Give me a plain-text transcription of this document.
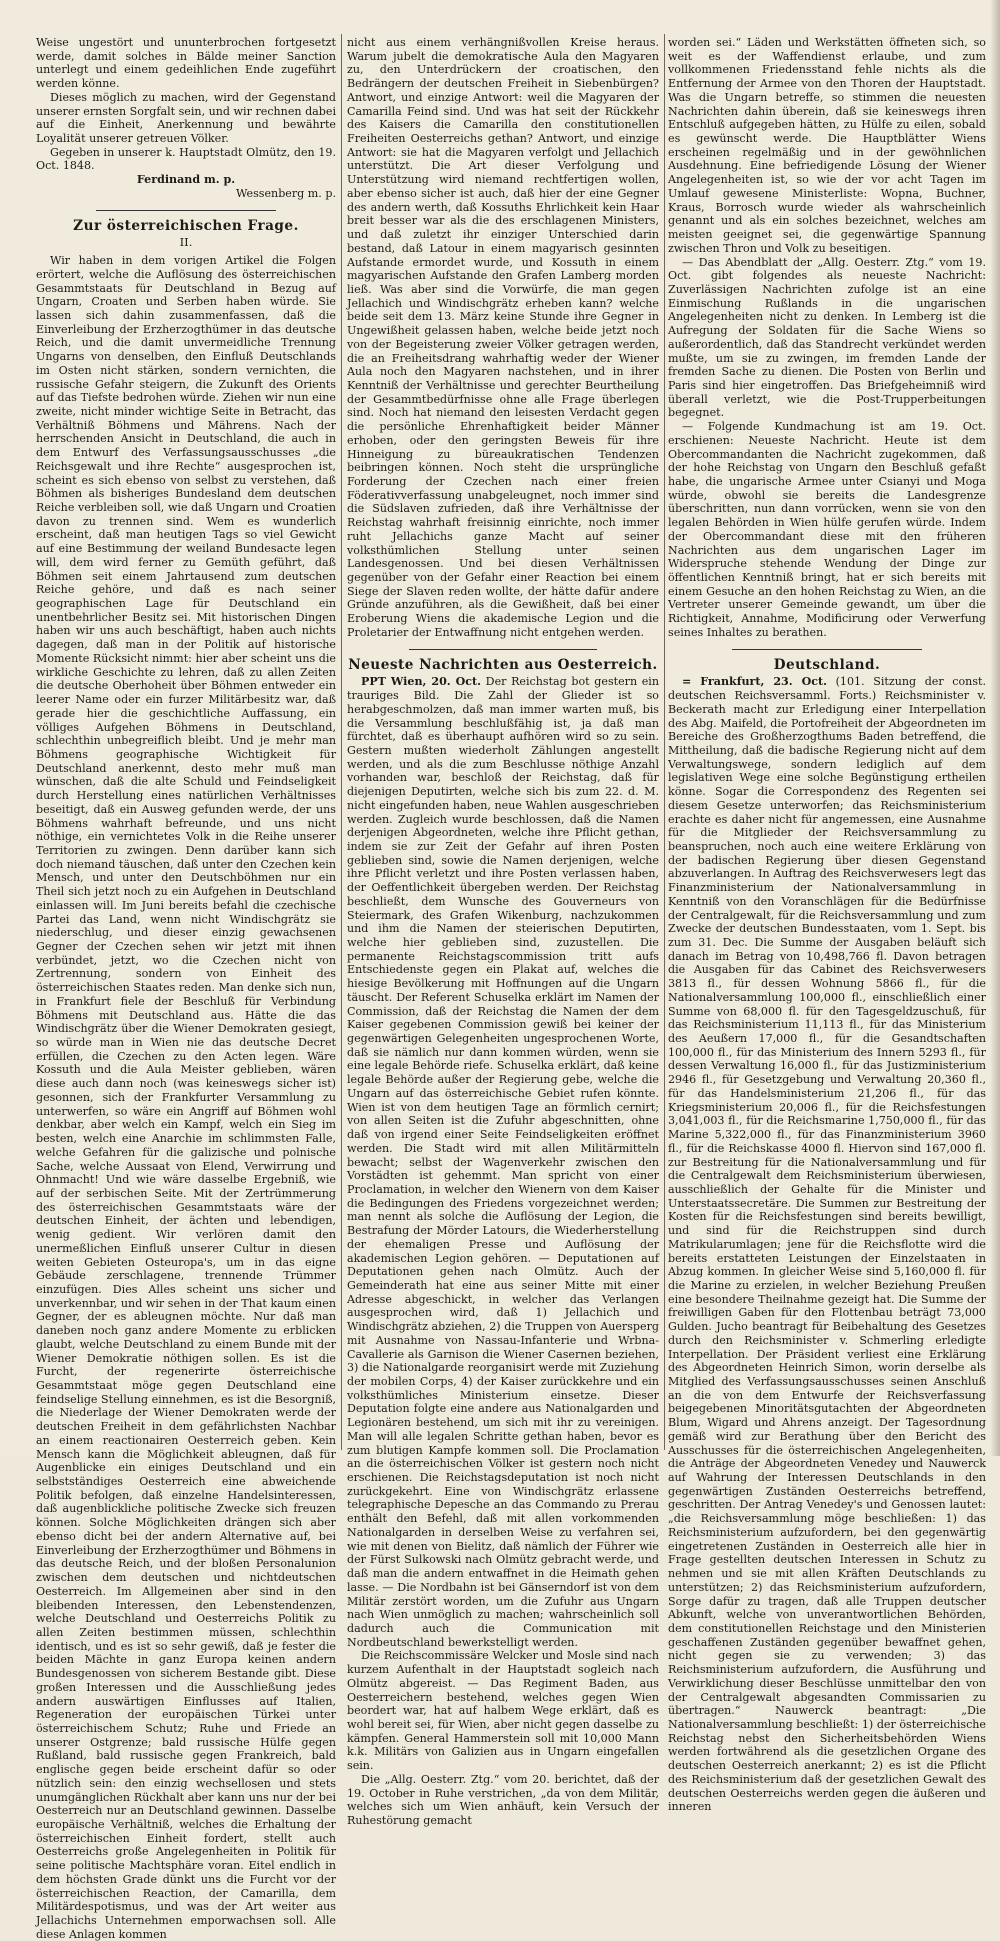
Weise ungestört und ununterbrochen fortgesetzt werde, damit solches in Bälde meiner Sanction unterlegt und einem gedeihlichen Ende zugeführt werden könne.

Dieses möglich zu machen, wird der Gegenstand unserer ernsten Sorgfalt sein, und wir rechnen dabei auf die Einheit, Anerkennung und bewährte Loyalität unserer getreuen Völker.

Gegeben in unserer k. Hauptstadt Olmütz, den 19. Oct. 1848.

Ferdinand m. p.

Wessenberg m. p.

Zur österreichischen Frage.
II.

Wir haben in dem vorigen Artikel die Folgen erörtert, welche die Auflösung des österreichischen Gesammtstaats für Deutschland in Bezug auf Ungarn, Croaten und Serben haben würde. Sie lassen sich dahin zusammenfassen, daß die Einverleibung der Erzherzogthümer in das deutsche Reich, und die damit unvermeidliche Trennung Ungarns von denselben, den Einfluß Deutschlands im Osten nicht stärken, sondern vernichten, die russische Gefahr steigern, die Zukunft des Orients auf das Tiefste bedrohen würde. Ziehen wir nun eine zweite, nicht minder wichtige Seite in Betracht, das Verhältniß Böhmens und Mährens. Nach der herrschenden Ansicht in Deutschland, die auch in dem Entwurf des Verfassungsausschusses „die Reichsgewalt und ihre Rechte“ ausgesprochen ist, scheint es sich ebenso von selbst zu verstehen, daß Böhmen als bisheriges Bundesland dem deutschen Reiche verbleiben soll, wie daß Ungarn und Croatien davon zu trennen sind. Wem es wunderlich erscheint, daß man heutigen Tags so viel Gewicht auf eine Bestimmung der weiland Bundesacte legen will, dem wird ferner zu Gemüth geführt, daß Böhmen seit einem Jahrtausend zum deutschen Reiche gehöre, und daß es nach seiner geographischen Lage für Deutschland ein unentbehrlicher Besitz sei. Mit historischen Dingen haben wir uns auch beschäftigt, haben auch nichts dagegen, daß man in der Politik auf historische Momente Rücksicht nimmt: hier aber scheint uns die wirkliche Geschichte zu lehren, daß zu allen Zeiten die deutsche Oberhoheit über Böhmen entweder ein leerer Name oder ein furzer Militärbesitz war, daß gerade hier die geschichtliche Auffassung, ein völliges Aufgehen Böhmens in Deutschland, schlechthin unbegreiflich bleibt. Und je mehr man Böhmens geographische Wichtigkeit für Deutschland anerkennt, desto mehr muß man wünschen, daß die alte Schuld und Feindseligkeit durch Herstellung eines natürlichen Verhältnisses beseitigt, daß ein Ausweg gefunden werde, der uns Böhmens wahrhaft befreunde, und uns nicht nöthige, ein vernichtetes Volk in die Reihe unserer Territorien zu zwingen. Denn darüber kann sich doch niemand täuschen, daß unter den Czechen kein Mensch, und unter den Deutschböhmen nur ein Theil sich jetzt noch zu ein Aufgehen in Deutschland einlassen will. Im Juni bereits befahl die czechische Partei das Land, wenn nicht Windischgrätz sie niederschlug, und dieser einzig gewachsenen Gegner der Czechen sehen wir jetzt mit ihnen verbündet, jetzt, wo die Czechen nicht von Zertrennung, sondern von Einheit des österreichischen Staates reden. Man denke sich nun, in Frankfurt fiele der Beschluß für Verbindung Böhmens mit Deutschland aus. Hätte die das Windischgrätz über die Wiener Demokraten gesiegt, so würde man in Wien nie das deutsche Decret erfüllen, die Czechen zu den Acten legen. Wäre Kossuth und die Aula Meister geblieben, wären diese auch dann noch (was keineswegs sicher ist) gesonnen, sich der Frankfurter Versammlung zu unterwerfen, so wäre ein Angriff auf Böhmen wohl denkbar, aber welch ein Kampf, welch ein Sieg im besten, welch eine Anarchie im schlimmsten Falle, welche Gefahren für die galizische und polnische Sache, welche Aussaat von Elend, Verwirrung und Ohnmacht! Und wie wäre dasselbe Ergebniß, wie auf der serbischen Seite. Mit der Zertrümmerung des österreichischen Gesammtstaats wäre der deutschen Einheit, der ächten und lebendigen, wenig gedient. Wir verlören damit den unermeßlichen Einfluß unserer Cultur in diesen weiten Gebieten Osteuropa's, um in das eigne Gebäude zerschlagene, trennende Trümmer einzufügen. Dies Alles scheint uns sicher und unverkennbar, und wir sehen in der That kaum einen Gegner, der es ableugnen möchte. Nur daß man daneben noch ganz andere Momente zu erblicken glaubt, welche Deutschland zu einem Bunde mit der Wiener Demokratie nöthigen sollen. Es ist die Furcht, der regenerirte österreichische Gesammtstaat möge gegen Deutschland eine feindselige Stellung einnehmen, es ist die Besorgniß, die Niederlage der Wiener Demokraten werde der deutschen Freiheit in dem gefährlichsten Nachbar an einem reactionairen Oesterreich geben. Kein Mensch kann die Möglichkeit ableugnen, daß für Augenblicke ein einiges Deutschland und ein selbstständiges Oesterreich eine abweichende Politik befolgen, daß einzelne Handelsinteressen, daß augenblickliche politische Zwecke sich freuzen können. Solche Möglichkeiten drängen sich aber ebenso dicht bei der andern Alternative auf, bei Einverleibung der Erzherzogthümer und Böhmens in das deutsche Reich, und der bloßen Personalunion zwischen dem deutschen und nichtdeutschen Oesterreich. Im Allgemeinen aber sind in den bleibenden Interessen, den Lebenstendenzen, welche Deutschland und Oesterreichs Politik zu allen Zeiten bestimmen müssen, schlechthin identisch, und es ist so sehr gewiß, daß je fester die beiden Mächte in ganz Europa keinen andern Bundesgenossen von sicherem Bestande gibt. Diese großen Interessen und die Ausschließung jedes andern auswärtigen Einflusses auf Italien, Regeneration der europäischen Türkei unter österreichischem Schutz; Ruhe und Friede an unserer Ostgrenze; bald russische Hülfe gegen Rußland, bald russische gegen Frankreich, bald englische gegen beide erscheint dafür so oder nützlich sein: den einzig wechsellosen und stets unumgänglichen Rückhalt aber kann uns nur der bei Oesterreich nur an Deutschland gewinnen. Dasselbe europäische Verhältniß, welches die Erhaltung der österreichischen Einheit fordert, stellt auch Oesterreichs große Angelegenheiten in Politik für seine politische Machtsphäre voran. Eitel endlich in dem höchsten Grade dünkt uns die Furcht vor der österreichischen Reaction, der Camarilla, dem Militärdespotismus, und was der Art weiter aus Jellachichs Unternehmen emporwachsen soll. Alle diese Anlagen kommen

nicht aus einem verhängnißvollen Kreise heraus. Warum jubelt die demokratische Aula den Magyaren zu, den Unterdrückern der croatischen, den Bedrängern der deutschen Freiheit in Siebenbürgen? Antwort, und einzige Antwort: weil die Magyaren der Camarilla Feind sind. Und was hat seit der Rückkehr des Kaisers die Camarilla den constitutionellen Freiheiten Oesterreichs gethan? Antwort, und einzige Antwort: sie hat die Magyaren verfolgt und Jellachich unterstützt. Die Art dieser Verfolgung und Unterstützung wird niemand rechtfertigen wollen, aber ebenso sicher ist auch, daß hier der eine Gegner des andern werth, daß Kossuths Ehrlichkeit kein Haar breit besser war als die des erschlagenen Ministers, und daß zuletzt ihr einziger Unterschied darin bestand, daß Latour in einem magyarisch gesinnten Aufstande ermordet wurde, und Kossuth in einem magyarischen Aufstande den Grafen Lamberg morden ließ. Was aber sind die Vorwürfe, die man gegen Jellachich und Windischgrätz erheben kann? welche beide seit dem 13. März keine Stunde ihre Gegner in Ungewißheit gelassen haben, welche beide jetzt noch von der Begeisterung zweier Völker getragen werden, die an Freiheitsdrang wahrhaftig weder der Wiener Aula noch den Magyaren nachstehen, und in ihrer Kenntniß der Verhältnisse und gerechter Beurtheilung der Gesammtbedürfnisse ohne alle Frage überlegen sind. Noch hat niemand den leisesten Verdacht gegen die persönliche Ehrenhaftigkeit beider Männer erhoben, oder den geringsten Beweis für ihre Hinneigung zu büreaukratischen Tendenzen beibringen können. Noch steht die ursprüngliche Forderung der Czechen nach einer freien Föderativverfassung unabgeleugnet, noch immer sind die Südslaven zufrieden, daß ihre Verhältnisse der Reichstag wahrhaft freisinnig einrichte, noch immer ruht Jellachichs ganze Macht auf seiner volksthümlichen Stellung unter seinen Landesgenossen. Und bei diesen Verhältnissen gegenüber von der Gefahr einer Reaction bei einem Siege der Slaven reden wollte, der hätte dafür andere Gründe anzuführen, als die Gewißheit, daß bei einer Eroberung Wiens die akademische Legion und die Proletarier der Entwaffnung nicht entgehen werden.

Neueste Nachrichten aus Oesterreich.

PPT Wien, 20. Oct. Der Reichstag bot gestern ein trauriges Bild. Die Zahl der Glieder ist so herabgeschmolzen, daß man immer warten muß, bis die Versammlung beschlußfähig ist, ja daß man fürchtet, daß es überhaupt aufhören wird so zu sein. Gestern mußten wiederholt Zählungen angestellt werden, und als die zum Beschlusse nöthige Anzahl vorhanden war, beschloß der Reichstag, daß für diejenigen Deputirten, welche sich bis zum 22. d. M. nicht eingefunden haben, neue Wahlen ausgeschrieben werden. Zugleich wurde beschlossen, daß die Namen derjenigen Abgeordneten, welche ihre Pflicht gethan, indem sie zur Zeit der Gefahr auf ihren Posten geblieben sind, sowie die Namen derjenigen, welche ihre Pflicht verletzt und ihre Posten verlassen haben, der Oeffentlichkeit übergeben werden. Der Reichstag beschließt, dem Wunsche des Gouverneurs von Steiermark, des Grafen Wikenburg, nachzukommen und ihm die Namen der steierischen Deputirten, welche hier geblieben sind, zuzustellen. Die permanente Reichstagscommission tritt aufs Entschiedenste gegen ein Plakat auf, welches die hiesige Bevölkerung mit Hoffnungen auf die Ungarn täuscht. Der Referent Schuselka erklärt im Namen der Commission, daß der Reichstag die Namen der dem Kaiser gegebenen Commission gewiß bei keiner der gegenwärtigen Gelegenheiten ungesprochenen Worte, daß sie nämlich nur dann kommen würden, wenn sie eine legale Behörde riefe. Schuselka erklärt, daß keine legale Behörde außer der Regierung gebe, welche die Ungarn auf das österreichische Gebiet rufen könnte. Wien ist von dem heutigen Tage an förmlich cernirt; von allen Seiten ist die Zufuhr abgeschnitten, ohne daß von irgend einer Seite Feindseligkeiten eröffnet werden. Die Stadt wird mit allen Militärmitteln bewacht; selbst der Wagenverkehr zwischen den Vorstädten ist gehemmt. Man spricht von einer Proclamation, in welcher den Wienern von dem Kaiser die Bedingungen des Friedens vorgezeichnet werden; man nennt als solche die Auflösung der Legion, die Bestrafung der Mörder Latours, die Wiederherstellung der ehemaligen Presse und Auflösung der akademischen Legion gehören. — Deputationen auf Deputationen gehen nach Olmütz. Auch der Gemeinderath hat eine aus seiner Mitte mit einer Adresse abgeschickt, in welcher das Verlangen ausgesprochen wird, daß 1) Jellachich und Windischgrätz abziehen, 2) die Truppen von Auersperg mit Ausnahme von Nassau-Infanterie und Wrbna-Cavallerie als Garnison die Wiener Casernen beziehen, 3) die Nationalgarde reorganisirt werde mit Zuziehung der mobilen Corps, 4) der Kaiser zurückkehre und ein volksthümliches Ministerium einsetze. Dieser Deputation folgte eine andere aus Nationalgarden und Legionären bestehend, um sich mit ihr zu vereinigen. Man will alle legalen Schritte gethan haben, bevor es zum blutigen Kampfe kommen soll. Die Proclamation an die österreichischen Völker ist gestern noch nicht erschienen. Die Reichstagsdeputation ist noch nicht zurückgekehrt. Eine von Windischgrätz erlassene telegraphische Depesche an das Commando zu Prerau enthält den Befehl, daß mit allen vorkommenden Nationalgarden in derselben Weise zu verfahren sei, wie mit denen von Bielitz, daß nämlich der Führer wie der Fürst Sulkowski nach Olmütz gebracht werde, und daß man die andern entwaffnet in die Heimath gehen lasse. — Die Nordbahn ist bei Gänserndorf ist von dem Militär zerstört worden, um die Zufuhr aus Ungarn nach Wien unmöglich zu machen; wahrscheinlich soll dadurch auch die Communication mit Nordbeutschland bewerkstelligt werden.

Die Reichscommissäre Welcker und Mosle sind nach kurzem Aufenthalt in der Hauptstadt sogleich nach Olmütz abgereist. — Das Regiment Baden, aus Oesterreichern bestehend, welches gegen Wien beordert war, hat auf halbem Wege erklärt, daß es wohl bereit sei, für Wien, aber nicht gegen dasselbe zu kämpfen. General Hammerstein soll mit 10,000 Mann k.k. Militärs von Galizien aus in Ungarn eingefallen sein.

Die „Allg. Oesterr. Ztg.“ vom 20. berichtet, daß der 19. October in Ruhe verstrichen, „da von dem Militär, welches sich um Wien anhäuft, kein Versuch der Ruhestörung gemacht

worden sei.“ Läden und Werkstätten öffneten sich, so weit es der Waffendienst erlaube, und zum vollkommenen Friedensstand fehle nichts als die Entfernung der Armee von den Thoren der Hauptstadt. Was die Ungarn betreffe, so stimmen die neuesten Nachrichten dahin überein, daß sie keineswegs ihren Entschluß aufgegeben hätten, zu Hülfe zu eilen, sobald es gewünscht werde. Die Hauptblätter Wiens erscheinen regelmäßig und in der gewöhnlichen Ausdehnung. Eine befriedigende Lösung der Wiener Angelegenheiten ist, so wie der vor acht Tagen im Umlauf gewesene Ministerliste: Wopna, Buchner, Kraus, Borrosch wurde wieder als wahrscheinlich genannt und als ein solches bezeichnet, welches am meisten geeignet sei, die gegenwärtige Spannung zwischen Thron und Volk zu beseitigen.

— Das Abendblatt der „Allg. Oesterr. Ztg.“ vom 19. Oct. gibt folgendes als neueste Nachricht: Zuverlässigen Nachrichten zufolge ist an eine Einmischung Rußlands in die ungarischen Angelegenheiten nicht zu denken. In Lemberg ist die Aufregung der Soldaten für die Sache Wiens so außerordentlich, daß das Standrecht verkündet werden mußte, um sie zu zwingen, im fremden Lande der fremden Sache zu dienen. Die Posten von Berlin und Paris sind hier eingetroffen. Das Briefgeheimniß wird überall verletzt, wie die Post-Trupperbeitungen begegnet.

— Folgende Kundmachung ist am 19. Oct. erschienen: Neueste Nachricht. Heute ist dem Obercommandanten die Nachricht zugekommen, daß der hohe Reichstag von Ungarn den Beschluß gefaßt habe, die ungarische Armee unter Csianyi und Moga würde, obwohl sie bereits die Landesgrenze überschritten, nun dann vorrücken, wenn sie von den legalen Behörden in Wien hülfe gerufen würde. Indem der Obercommandant diese mit den früheren Nachrichten aus dem ungarischen Lager im Widerspruche stehende Wendung der Dinge zur öffentlichen Kenntniß bringt, hat er sich bereits mit einem Gesuche an den hohen Reichstag zu Wien, an die Vertreter unserer Gemeinde gewandt, um über die Richtigkeit, Annahme, Modificirung oder Verwerfung seines Inhaltes zu berathen.

Deutschland.

= Frankfurt, 23. Oct. (101. Sitzung der const. deutschen Reichsversamml. Forts.) Reichsminister v. Beckerath macht zur Erledigung einer Interpellation des Abg. Maifeld, die Portofreiheit der Abgeordneten im Bereiche des Großherzogthums Baden betreffend, die Mittheilung, daß die badische Regierung nicht auf dem Verwaltungswege, sondern lediglich auf dem legislativen Wege eine solche Begünstigung ertheilen könne. Sogar die Correspondenz des Regenten sei diesem Gesetze unterworfen; das Reichsministerium erachte es daher nicht für angemessen, eine Ausnahme für die Mitglieder der Reichsversammlung zu beanspruchen, noch auch eine weitere Erklärung von der badischen Regierung über diesen Gegenstand abzuverlangen. In Auftrag des Reichsverwesers legt das Finanzministerium der Nationalversammlung in Kenntniß von den Voranschlägen für die Bedürfnisse der Centralgewalt, für die Reichsversammlung und zum Zwecke der deutschen Bundesstaaten, vom 1. Sept. bis zum 31. Dec. Die Summe der Ausgaben beläuft sich danach im Betrag von 10,498,766 fl. Davon betragen die Ausgaben für das Cabinet des Reichsverwesers 3813 fl., für dessen Wohnung 5866 fl., für die Nationalversammlung 100,000 fl., einschließlich einer Summe von 68,000 fl. für den Tagesgeldzuschuß, für das Reichsministerium 11,113 fl., für das Ministerium des Aeußern 17,000 fl., für die Gesandtschaften 100,000 fl., für das Ministerium des Innern 5293 fl., für dessen Verwaltung 16,000 fl., für das Justizministerium 2946 fl., für Gesetzgebung und Verwaltung 20,360 fl., für das Handelsministerium 21,206 fl., für das Kriegsministerium 20,006 fl., für die Reichsfestungen 3,041,003 fl., für die Reichsmarine 1,750,000 fl., für das Marine 5,322,000 fl., für das Finanzministerium 3960 fl., für die Reichskasse 4000 fl. Hiervon sind 167,000 fl. zur Bestreitung für die Nationalversammlung und für die Centralgewalt dem Reichsministerium überwiesen, ausschließlich der Gehalte für die Minister und Unterstaatssecretäre. Die Summen zur Bestreitung der Kosten für die Reichsfestungen sind bereits bewilligt, und sind für die Reichstruppen sind durch Matrikularumlagen; jene für die Reichsflotte wird die bereits erstatteten Leistungen der Einzelstaaten in Abzug kommen. In gleicher Weise sind 5,160,000 fl. für die Marine zu erzielen, in welcher Beziehung Preußen eine besondere Theilnahme gezeigt hat. Die Summe der freiwilligen Gaben für den Flottenbau beträgt 73,000 Gulden. Jucho beantragt für Beibehaltung des Gesetzes durch den Reichsminister v. Schmerling erledigte Interpellation. Der Präsident verliest eine Erklärung des Abgeordneten Heinrich Simon, worin derselbe als Mitglied des Verfassungsausschusses seinen Anschluß an die von dem Entwurfe der Reichsverfassung beigegebenen Minoritätsgutachten der Abgeordneten Blum, Wigard und Ahrens anzeigt. Der Tagesordnung gemäß wird zur Berathung über den Bericht des Ausschusses für die österreichischen Angelegenheiten, die Anträge der Abgeordneten Venedey und Nauwerck auf Wahrung der Interessen Deutschlands in den gegenwärtigen Zuständen Oesterreichs betreffend, geschritten. Der Antrag Venedey's und Genossen lautet: „die Reichsversammlung möge beschließen: 1) das Reichsministerium aufzufordern, bei den gegenwärtig eingetretenen Zuständen in Oesterreich alle hier in Frage gestellten deutschen Interessen in Schutz zu nehmen und sie mit allen Kräften Deutschlands zu unterstützen; 2) das Reichsministerium aufzufordern, Sorge dafür zu tragen, daß alle Truppen deutscher Abkunft, welche von unverantwortlichen Behörden, dem constitutionellen Reichstage und den Ministerien geschaffenen Zuständen gegenüber bewaffnet gehen, nicht gegen sie zu verwenden; 3) das Reichsministerium aufzufordern, die Ausführung und Verwirklichung dieser Beschlüsse unmittelbar den von der Centralgewalt abgesandten Commissarien zu übertragen.“ Nauwerck beantragt: „Die Nationalversammlung beschließt: 1) der österreichische Reichstag nebst den Sicherheitsbehörden Wiens werden fortwährend als die gesetzlichen Organe des deutschen Oesterreich anerkannt; 2) es ist die Pflicht des Reichsministerium daß der gesetzlichen Gewalt des deutschen Oesterreichs werden gegen die äußeren und inneren
